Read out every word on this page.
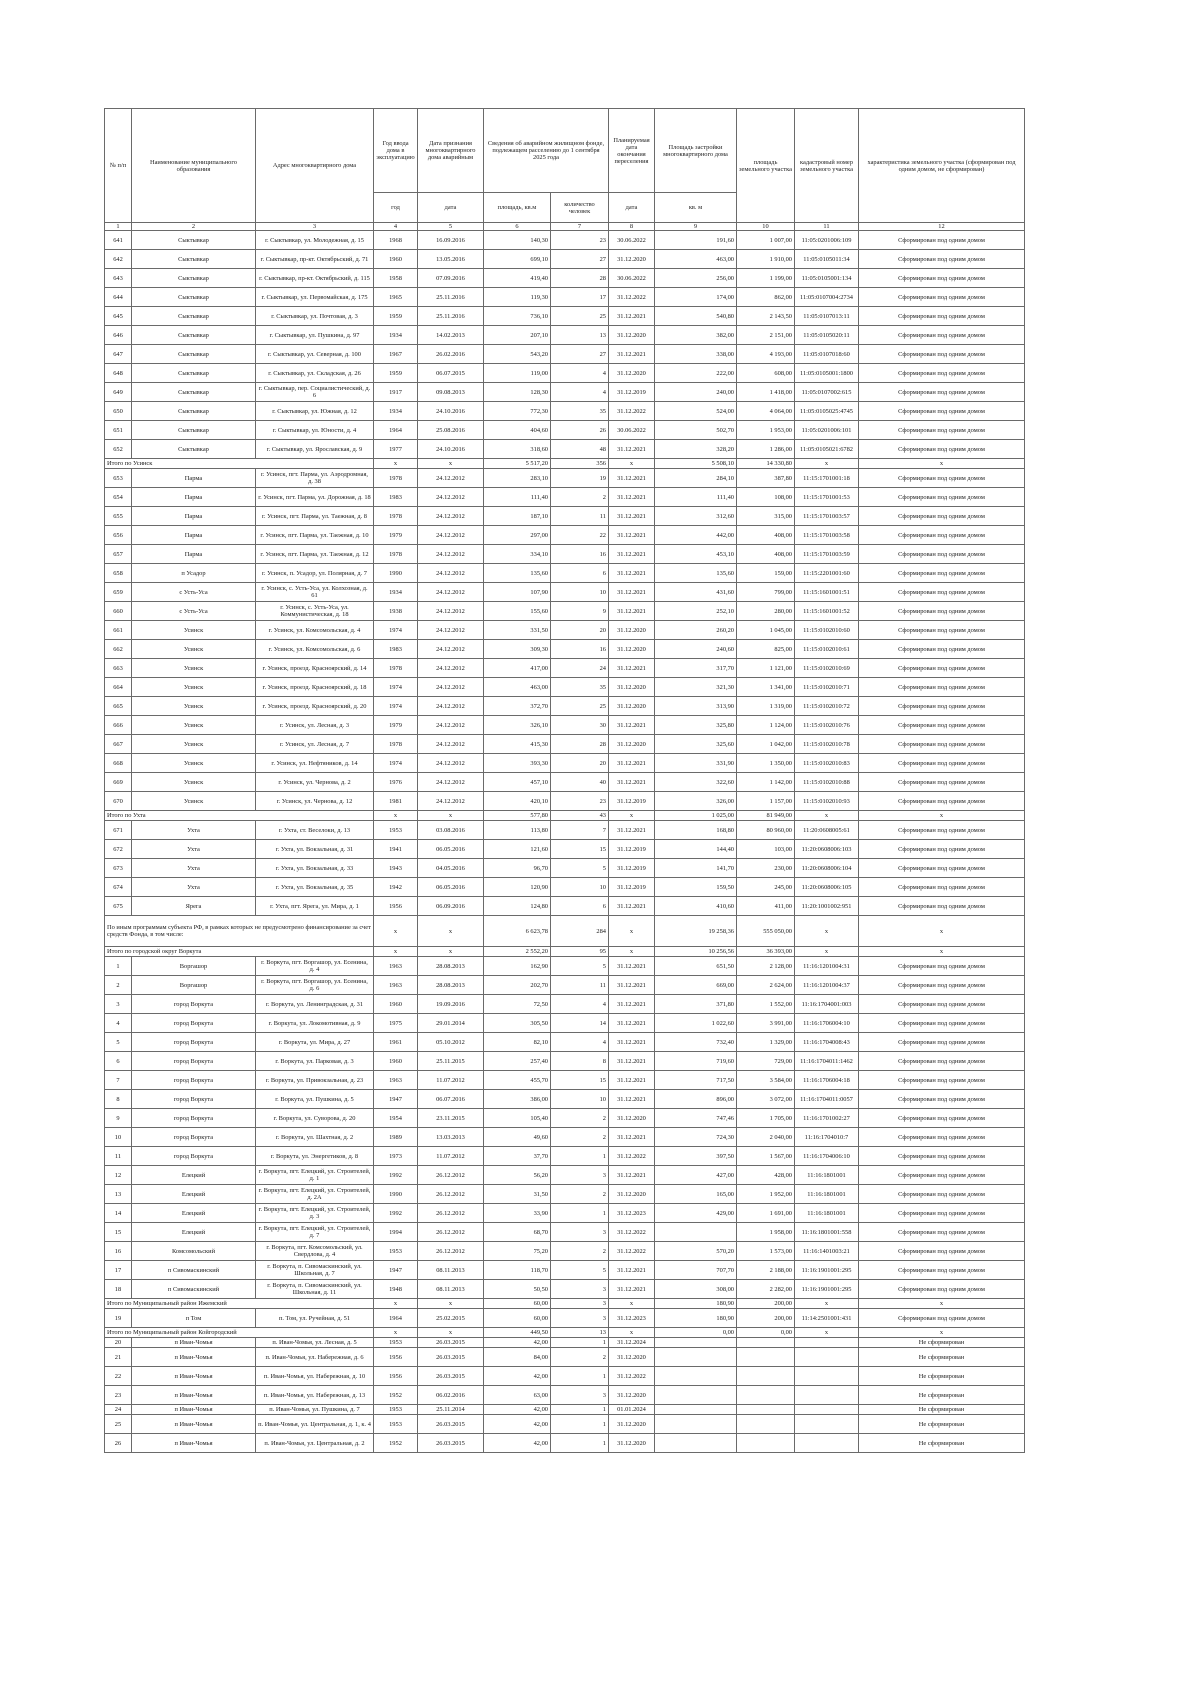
№ п/п	Наименование муниципального образования	Адрес многоквартирного дома	Год ввода дома в эксплуатацию	Дата признания многоквартирного дома аварийным	Сведения об аварийном жилищном фонде, подлежащем расселению до 1 сентября 2025 года		Планируемая дата окончания переселения	Площадь застройки многоквартирного дома	площадь земельного участка	кадастровый номер земельного участка	характеристика земельного участка (сформирован под одним домом, не сформирован)
			год	дата	площадь, кв.м	количество человек	дата	кв. м			
1	2	3	4	5	6	7	8	9	10	11	12
641	Сыктывкар	г. Сыктывкар, ул. Молодежная, д. 15	1968	16.09.2016	140,30	23	30.06.2022	191,60	1 007,00	11:05:0201006:109	Сформирован под одним домом
642	Сыктывкар	г. Сыктывкар, пр-кт. Октябрьский, д. 71	1960	13.05.2016	699,10	27	31.12.2020	463,00	1 910,00	11:05:0105011:34	Сформирован под одним домом
643	Сыктывкар	г. Сыктывкар, пр-кт. Октябрьский, д. 115	1958	07.09.2016	419,40	28	30.06.2022	256,00	1 199,00	11:05:0105001:134	Сформирован под одним домом
644	Сыктывкар	г. Сыктывкар, ул. Первомайская, д. 175	1965	25.11.2016	119,30	17	31.12.2022	174,00	862,00	11:05:0107004:2734	Сформирован под одним домом
645	Сыктывкар	г. Сыктывкар, ул. Почтовая, д. 3	1959	25.11.2016	736,10	25	31.12.2021	540,80	2 143,50	11:05:0107013:11	Сформирован под одним домом
646	Сыктывкар	г. Сыктывкар, ул. Пушкина, д. 97	1934	14.02.2013	207,10	13	31.12.2020	382,00	2 151,00	11:05:0105020:11	Сформирован под одним домом
647	Сыктывкар	г. Сыктывкар, ул. Северная, д. 100	1967	26.02.2016	543,20	27	31.12.2021	338,00	4 193,00	11:05:0107018:60	Сформирован под одним домом
648	Сыктывкар	г. Сыктывкар, ул. Складская, д. 26	1959	06.07.2015	119,00	4	31.12.2020	222,00	608,00	11:05:0105001:1800	Сформирован под одним домом
649	Сыктывкар	г. Сыктывкар, пер. Социалистический, д. 6	1917	09.08.2013	128,30	4	31.12.2019	240,00	1 418,00	11:05:0107002:615	Сформирован под одним домом
650	Сыктывкар	г. Сыктывкар, ул. Южная, д. 12	1934	24.10.2016	772,30	35	31.12.2022	524,00	4 064,00	11:05:0105025:4745	Сформирован под одним домом
651	Сыктывкар	г. Сыктывкар, ул. Юности, д. 4	1964	25.08.2016	404,60	26	30.06.2022	502,70	1 953,00	11:05:0201006:101	Сформирован под одним домом
652	Сыктывкар	г. Сыктывкар, ул. Ярославская, д. 9	1977	24.10.2016	318,60	48	31.12.2021	328,20	1 286,00	11:05:0105021:6782	Сформирован под одним домом
Итого по Усинск			x	x	5 517,20	356	x	5 508,10	14 330,80	x	x
653	Парма	г. Усинск, пгт. Парма, ул. Аэродромная, д. 38	1978	24.12.2012	283,10	19	31.12.2021	284,10	387,80	11:15:1701001:18	Сформирован под одним домом
654	Парма	г. Усинск, пгт. Парма, ул. Дорожная, д. 18	1983	24.12.2012	111,40	2	31.12.2021	111,40	108,00	11:15:1701001:53	Сформирован под одним домом
655	Парма	г. Усинск, пгт. Парма, ул. Таежная, д. 8	1978	24.12.2012	187,10	11	31.12.2021	312,60	315,00	11:15:1701003:57	Сформирован под одним домом
656	Парма	г. Усинск, пгт. Парма, ул. Таежная, д. 10	1979	24.12.2012	297,00	22	31.12.2021	442,00	408,00	11:15:1701003:58	Сформирован под одним домом
657	Парма	г. Усинск, пгт. Парма, ул. Таежная, д. 12	1978	24.12.2012	334,10	16	31.12.2021	453,10	408,00	11:15:1701003:59	Сформирован под одним домом
658	п Усадор	г. Усинск, п. Усадор, ул. Полярная, д. 7	1990	24.12.2012	135,60	6	31.12.2021	135,60	159,00	11:15:2201001:60	Сформирован под одним домом
659	с Усть-Уса	г. Усинск, с. Усть-Уса, ул. Колхозная, д. 61	1934	24.12.2012	107,90	10	31.12.2021	431,60	799,00	11:15:1601001:51	Сформирован под одним домом
660	с Усть-Уса	г. Усинск, с. Усть-Уса, ул. Коммунистическая, д. 18	1938	24.12.2012	155,60	9	31.12.2021	252,10	280,00	11:15:1601001:52	Сформирован под одним домом
661	Усинск	г. Усинск, ул. Комсомольская, д. 4	1974	24.12.2012	331,50	20	31.12.2020	260,20	1 045,00	11:15:0102010:60	Сформирован под одним домом
662	Усинск	г. Усинск, ул. Комсомольская, д. 6	1983	24.12.2012	309,30	16	31.12.2020	240,60	825,00	11:15:0102010:61	Сформирован под одним домом
663	Усинск	г. Усинск, проезд. Красноярский, д. 14	1978	24.12.2012	417,00	24	31.12.2021	317,70	1 121,00	11:15:0102010:69	Сформирован под одним домом
664	Усинск	г. Усинск, проезд. Красноярский, д. 18	1974	24.12.2012	463,00	35	31.12.2020	321,30	1 341,00	11:15:0102010:71	Сформирован под одним домом
665	Усинск	г. Усинск, проезд. Красноярский, д. 20	1974	24.12.2012	372,70	25	31.12.2020	313,90	1 319,00	11:15:0102010:72	Сформирован под одним домом
666	Усинск	г. Усинск, ул. Лесная, д. 3	1979	24.12.2012	326,10	30	31.12.2021	325,80	1 124,00	11:15:0102010:76	Сформирован под одним домом
667	Усинск	г. Усинск, ул. Лесная, д. 7	1978	24.12.2012	415,30	28	31.12.2020	325,60	1 042,00	11:15:0102010:78	Сформирован под одним домом
668	Усинск	г. Усинск, ул. Нефтяников, д. 14	1974	24.12.2012	393,30	20	31.12.2021	331,90	1 350,00	11:15:0102010:83	Сформирован под одним домом
669	Усинск	г. Усинск, ул. Чернова, д. 2	1976	24.12.2012	457,10	40	31.12.2021	322,60	1 142,00	11:15:0102010:88	Сформирован под одним домом
670	Усинск	г. Усинск, ул. Чернова, д. 12	1981	24.12.2012	420,10	23	31.12.2019	326,00	1 157,00	11:15:0102010:93	Сформирован под одним домом
Итого по Ухта			x	x	577,80	43	x	1 025,00	81 949,00	x	x
671	Ухта	г. Ухта, ст. Веселоки, д. 13	1953	03.08.2016	113,80	7	31.12.2021	168,80	80 960,00	11:20:0608005:61	Сформирован под одним домом
672	Ухта	г. Ухта, ул. Вокзальная, д. 31	1941	06.05.2016	121,60	15	31.12.2019	144,40	103,00	11:20:0608006:103	Сформирован под одним домом
673	Ухта	г. Ухта, ул. Вокзальная, д. 33	1943	04.05.2016	96,70	5	31.12.2019	141,70	230,00	11:20:0608006:104	Сформирован под одним домом
674	Ухта	г. Ухта, ул. Вокзальная, д. 35	1942	06.05.2016	120,90	10	31.12.2019	159,50	245,00	11:20:0608006:105	Сформирован под одним домом
675	Ярега	г. Ухта, пгт. Ярега, ул. Мира, д. 1	1956	06.09.2016	124,80	6	31.12.2021	410,60	411,00	11:20:1001002:951	Сформирован под одним домом
По иным программам субъекта РФ, в рамках которых не предусмотрено финансирование за счет средств Фонда, в том числе:			x	x	6 623,78	284	x	19 258,36	555 050,00	x	x
Итого по городской округ Воркута			x	x	2 552,20	95	x	10 256,56	36 393,00	x	x
1	Воргашор	г. Воркута, пгт. Воргашор, ул. Есенина, д. 4	1963	28.08.2013	162,90	5	31.12.2021	651,50	2 128,00	11:16:1201004:31	Сформирован под одним домом
2	Воргашор	г. Воркута, пгт. Воргашор, ул. Есенина, д. 6	1963	28.08.2013	202,70	11	31.12.2021	669,00	2 624,00	11:16:1201004:37	Сформирован под одним домом
3	город Воркута	г. Воркута, ул. Ленинградская, д. 31	1960	19.09.2016	72,50	4	31.12.2021	371,80	1 552,00	11:16:1704001:003	Сформирован под одним домом
4	город Воркута	г. Воркута, ул. Локомотивная, д. 9	1975	29.01.2014	305,50	14	31.12.2021	1 022,60	3 991,00	11:16:1706004:10	Сформирован под одним домом
5	город Воркута	г. Воркута, ул. Мира, д. 27	1961	05.10.2012	82,10	4	31.12.2021	732,40	1 329,00	11:16:1704008:43	Сформирован под одним домом
6	город Воркута	г. Воркута, ул. Парковая, д. 3	1960	25.11.2015	257,40	8	31.12.2021	719,60	729,00	11:16:1704011:1462	Сформирован под одним домом
7	город Воркута	г. Воркута, ул. Привокзальная, д. 23	1963	11.07.2012	455,70	15	31.12.2021	717,50	3 584,00	11:16:1706004:18	Сформирован под одним домом
8	город Воркута	г. Воркута, ул. Пушкина, д. 5	1947	06.07.2016	386,00	10	31.12.2021	896,00	3 072,00	11:16:1704011:0057	Сформирован под одним домом
9	город Воркута	г. Воркута, ул. Суворова, д. 20	1954	23.11.2015	105,40	2	31.12.2020	747,46	1 705,00	11:16:1701002:27	Сформирован под одним домом
10	город Воркута	г. Воркута, ул. Шахтная, д. 2	1989	13.03.2013	49,60	2	31.12.2021	724,30	2 040,00	11:16:1704010:7	Сформирован под одним домом
11	город Воркута	г. Воркута, ул. Энергетиков, д. 8	1973	11.07.2012	37,70	1	31.12.2022	397,50	1 567,00	11:16:1704006:10	Сформирован под одним домом
12	Елецкий	г. Воркута, пгт. Елецкий, ул. Строителей, д. 1	1992	26.12.2012	56,20	3	31.12.2021	427,00	428,00	11:16:1801001	Сформирован под одним домом
13	Елецкий	г. Воркута, пгт. Елецкий, ул. Строителей, д. 2А	1990	26.12.2012	31,50	2	31.12.2020	165,00	1 952,00	11:16:1801001	Сформирован под одним домом
14	Елецкий	г. Воркута, пгт. Елецкий, ул. Строителей, д. 3	1992	26.12.2012	33,90	1	31.12.2023	429,00	1 691,00	11:16:1801001	Сформирован под одним домом
15	Елецкий	г. Воркута, пгт. Елецкий, ул. Строителей, д. 7	1994	26.12.2012	68,70	3	31.12.2022		1 958,00	11:16:1801001:558	Сформирован под одним домом
16	Комсомольский	г. Воркута, пгт. Комсомольский, ул. Свердлова, д. 4	1953	26.12.2012	75,20	2	31.12.2022	570,20	1 573,00	11:16:1401003:21	Сформирован под одним домом
17	п Сивомаскинский	г. Воркута, п. Сивомаскинский, ул. Школьная, д. 7	1947	08.11.2013	118,70	5	31.12.2021	707,70	2 188,00	11:16:1901001:295	Сформирован под одним домом
18	п Сивомаскинский	г. Воркута, п. Сивомаскинский, ул. Школьная, д. 11	1948	08.11.2013	50,50	3	31.12.2021	308,00	2 282,00	11:16:1901001:295	Сформирован под одним домом
Итого по Муниципальный район Ижемский			x	x	60,00	3	x	180,90	200,00	x	x
19	п Том	п. Том, ул. Ручейная, д. 51	1964	25.02.2015	60,00	3	31.12.2023	180,90	200,00	11:14:2501001:431	Сформирован под одним домом
Итого по Муниципальный район Койгородский			x	x	449,50	13	x	0,00	0,00	x	x
20	п Иван-Чомья	п. Иван-Чомья, ул. Лесная, д. 5	1953	26.03.2015	42,00	1	31.12.2024				Не сформирован
21	п Иван-Чомья	п. Иван-Чомья, ул. Набережная, д. 6	1956	26.03.2015	84,00	2	31.12.2020				Не сформирован
22	п Иван-Чомья	п. Иван-Чомья, ул. Набережная, д. 10	1956	26.03.2015	42,00	1	31.12.2022				Не сформирован
23	п Иван-Чомья	п. Иван-Чомья, ул. Набережная, д. 13	1952	06.02.2016	63,00	3	31.12.2020				Не сформирован
24	п Иван-Чомья	п. Иван-Чомья, ул. Пушкина, д. 7	1953	25.11.2014	42,00	1	01.01.2024				Не сформирован
25	п Иван-Чомья	п. Иван-Чомья, ул. Центральная, д. 1, к. 4	1953	26.03.2015	42,00	1	31.12.2020				Не сформирован
26	п Иван-Чомья	п. Иван-Чомья, ул. Центральная, д. 2	1952	26.03.2015	42,00	1	31.12.2020				Не сформирован
